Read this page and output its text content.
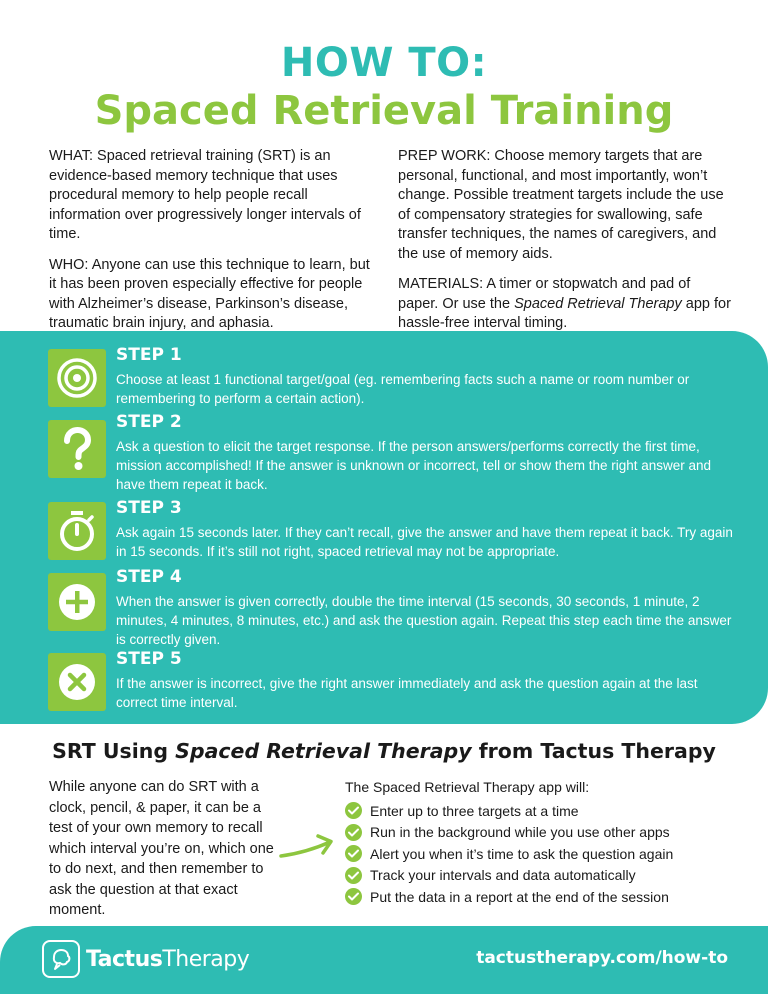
HOW TO:
Spaced Retrieval Training

WHAT: Spaced retrieval training (SRT) is an evidence-based memory technique that uses procedural memory to help people recall information over progressively longer intervals of time.

WHO: Anyone can use this technique to learn, but it has been proven especially effective for people with Alzheimer’s disease, Parkinson’s disease, traumatic brain injury, and aphasia.

PREP WORK: Choose memory targets that are personal, functional, and most importantly, won’t change. Possible treatment targets include the use of compensatory strategies for swallowing, safe transfer techniques, the names of caregivers, and the use of memory aids.

MATERIALS: A timer or stopwatch and pad of paper. Or use the Spaced Retrieval Therapy app for hassle-free interval timing.

STEP 1
Choose at least 1 functional target/goal (eg. remembering facts such a name or room number or remembering to perform a certain action).
STEP 2
Ask a question to elicit the target response. If the person answers/performs correctly the first time, mission accomplished! If the answer is unknown or incorrect, tell or show them the right answer and have them repeat it back.
STEP 3
Ask again 15 seconds later. If they can’t recall, give the answer and have them repeat it back. Try again in 15 seconds. If it’s still not right, spaced retrieval may not be appropriate.
STEP 4
When the answer is given correctly, double the time interval (15 seconds, 30 seconds, 1 minute, 2 minutes, 4 minutes, 8 minutes, etc.) and ask the question again. Repeat this step each time the answer is correctly given.
STEP 5
If the answer is incorrect, give the right answer immediately and ask the question again at the last correct time interval.
SRT Using Spaced Retrieval Therapy from Tactus Therapy
While anyone can do SRT with a clock, pencil, & paper, it can be a test of your own memory to recall which interval you’re on, which one to do next, and then remember to ask the question at that exact moment.
The Spaced Retrieval Therapy app will:
Enter up to three targets at a time
Run in the background while you use other apps
Alert you when it’s time to ask the question again
Track your intervals and data automatically
Put the data in a report at the end of the session
TactusTherapy	tactustherapy.com/how-to
